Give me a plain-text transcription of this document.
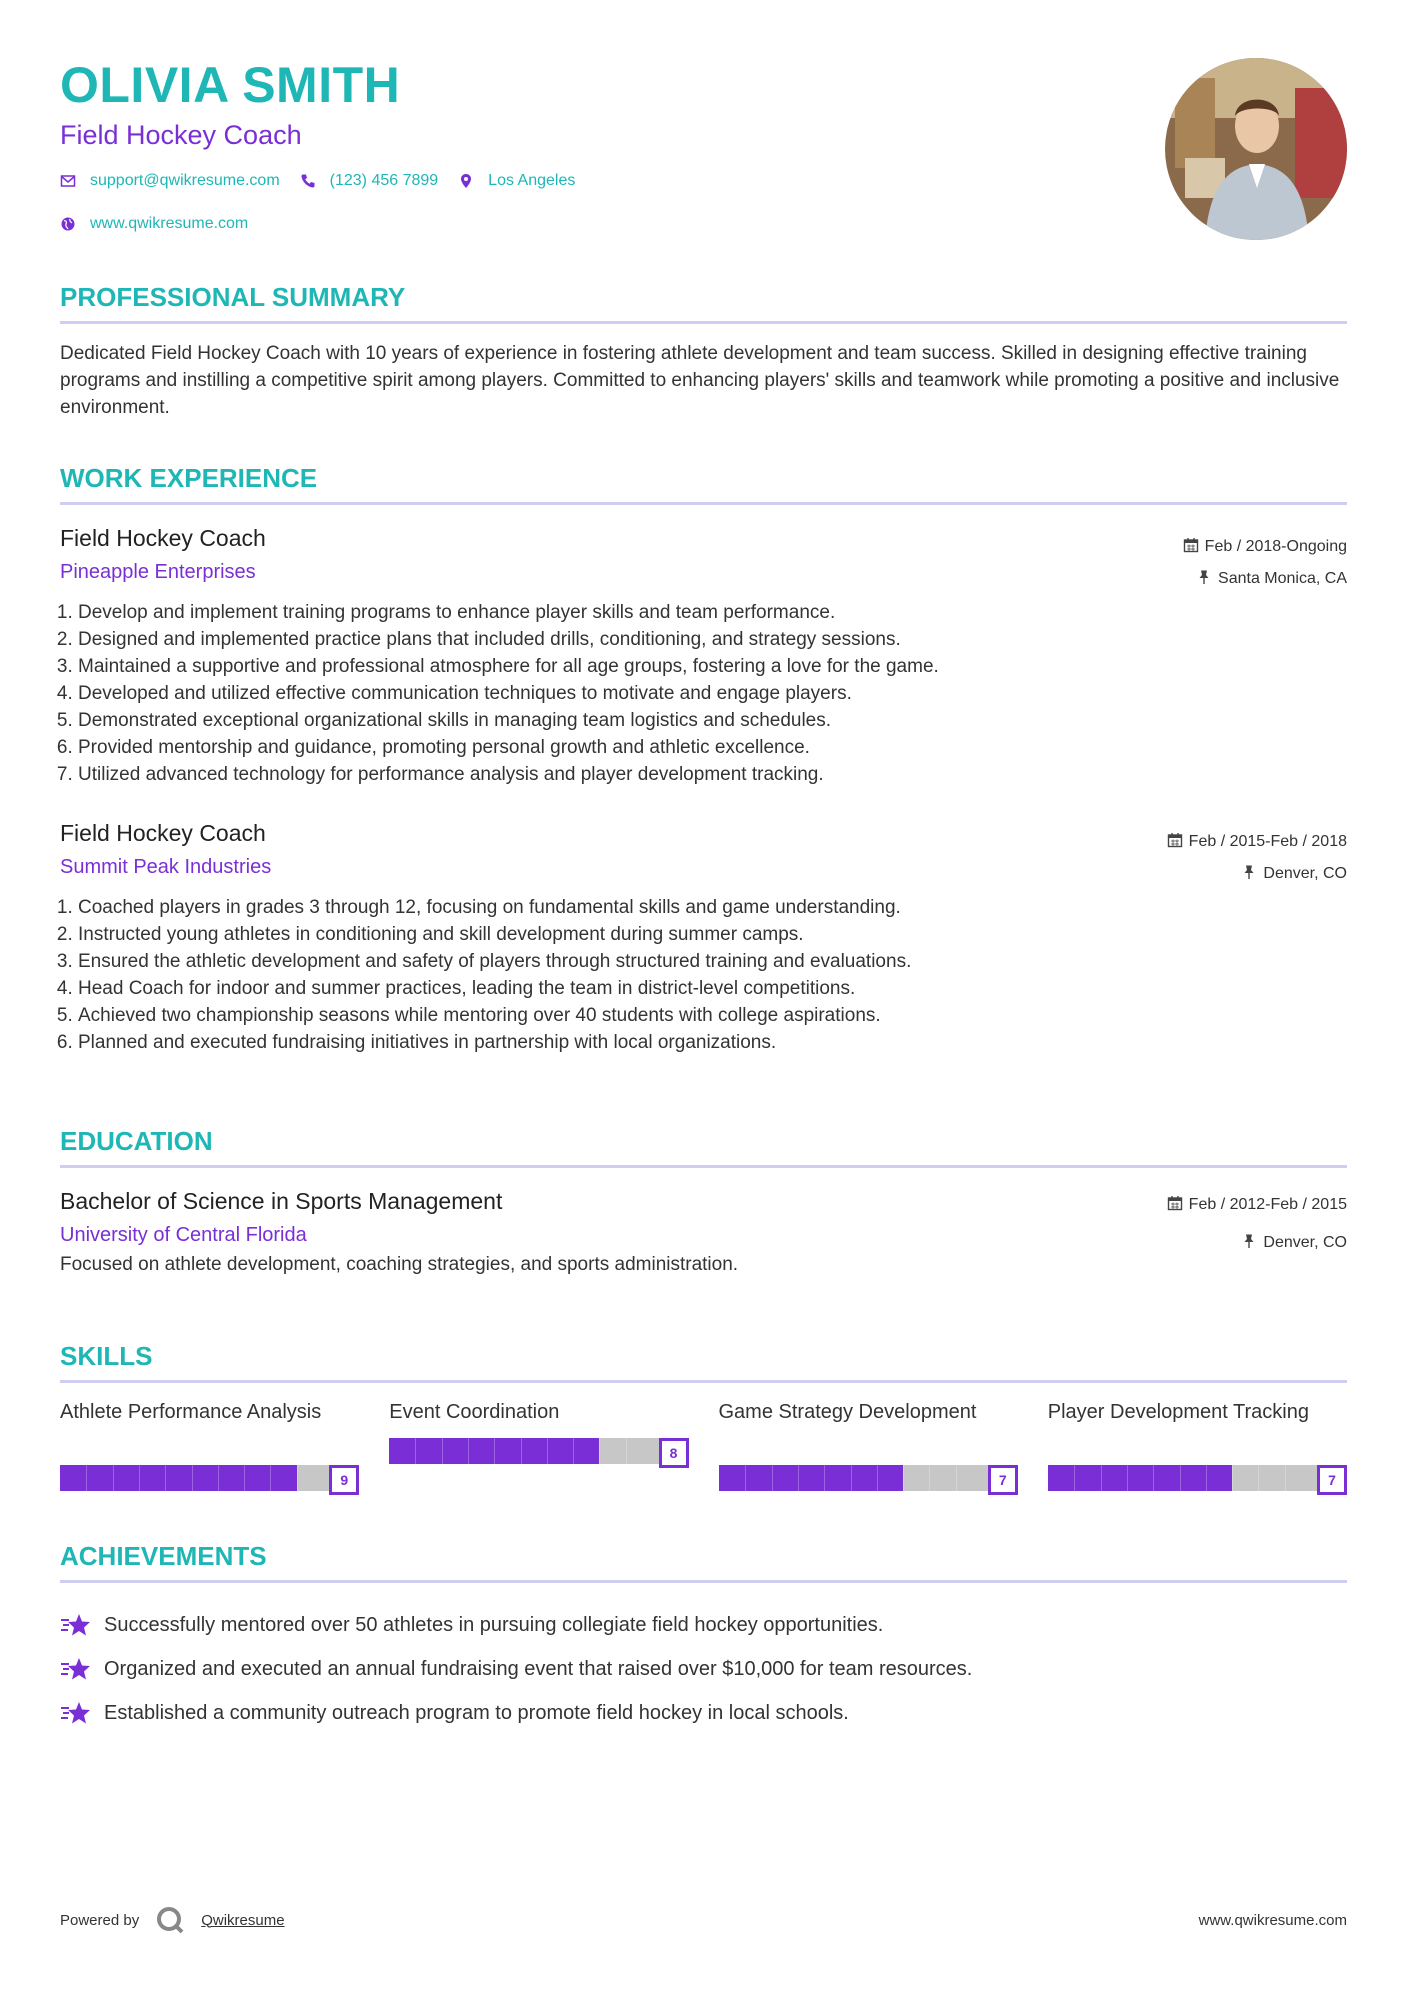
OLIVIA SMITH
Field Hockey Coach
support@qwikresume.com	(123) 456 7899	Los Angeles
www.qwikresume.com
PROFESSIONAL SUMMARY

Dedicated Field Hockey Coach with 10 years of experience in fostering athlete development and team success. Skilled in designing effective training programs and instilling a competitive spirit among players. Committed to enhancing players' skills and teamwork while promoting a positive and inclusive environment.

WORK EXPERIENCE
Field Hockey Coach
Pineapple Enterprises
Feb / 2018-Ongoing
Santa Monica, CA
1. Develop and implement training programs to enhance player skills and team performance.
2. Designed and implemented practice plans that included drills, conditioning, and strategy sessions.
3. Maintained a supportive and professional atmosphere for all age groups, fostering a love for the game.
4. Developed and utilized effective communication techniques to motivate and engage players.
5. Demonstrated exceptional organizational skills in managing team logistics and schedules.
6. Provided mentorship and guidance, promoting personal growth and athletic excellence.
7. Utilized advanced technology for performance analysis and player development tracking.
Field Hockey Coach
Summit Peak Industries
Feb / 2015-Feb / 2018
Denver, CO
1. Coached players in grades 3 through 12, focusing on fundamental skills and game understanding.
2. Instructed young athletes in conditioning and skill development during summer camps.
3. Ensured the athletic development and safety of players through structured training and evaluations.
4. Head Coach for indoor and summer practices, leading the team in district-level competitions.
5. Achieved two championship seasons while mentoring over 40 students with college aspirations.
6. Planned and executed fundraising initiatives in partnership with local organizations.
EDUCATION
Bachelor of Science in Sports Management
University of Central Florida
Feb / 2012-Feb / 2015
Denver, CO
Focused on athlete development, coaching strategies, and sports administration.
SKILLS
Athlete Performance Analysis
9
Event Coordination
8
Game Strategy Development
7
Player Development Tracking
7
ACHIEVEMENTS
Successfully mentored over 50 athletes in pursuing collegiate field hockey opportunities.
Organized and executed an annual fundraising event that raised over $10,000 for team resources.
Established a community outreach program to promote field hockey in local schools.
Powered by	Qwikresume	www.qwikresume.com
